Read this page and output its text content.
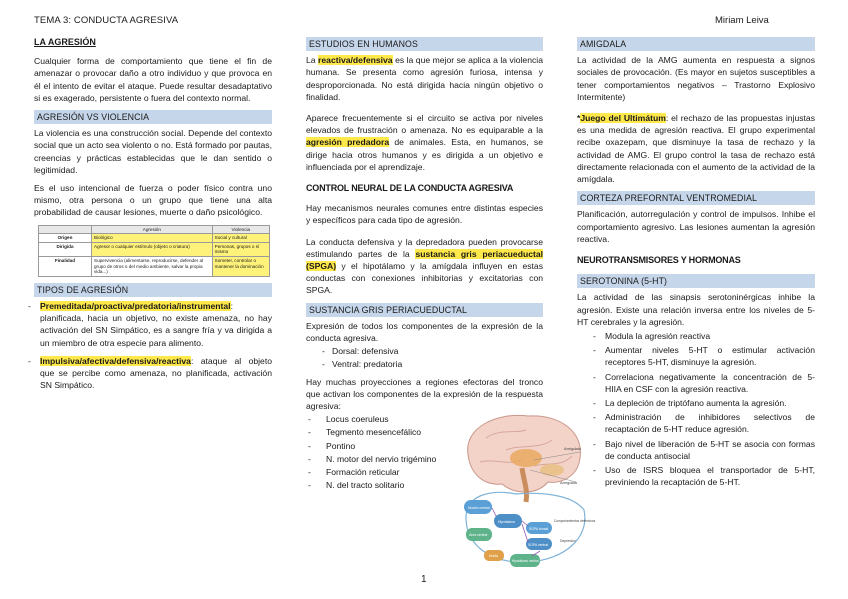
TEMA 3: CONDUCTA AGRESIVA	Miriam Leiva
LA AGRESIÓN

Cualquier forma de comportamiento que tiene el fin de amenazar o provocar daño a otro individuo y que provoca en él el intento de evitar el ataque. Puede resultar desadaptativo si es exagerado, persistente o fuera del contexto normal.

AGRESIÓN VS VIOLENCIA

La violencia es una construcción social. Depende del contexto social que un acto sea violento o no. Está formado por pautas, creencias y prácticas establecidas que le dan sentido o legitimidad.

Es el uso intencional de fuerza o poder físico contra uno mismo, otra persona o un grupo que tiene una alta probabilidad de causar lesiones, muerte o daño psicológico.

	Agresión	Violencia
Origen	Biológico	Social y cultural
Dirigida	Agresor o cualquier estímulo (objeto o criatura)	Personas, grupos o sí mismo
Finalidad	Supervivencia (alimentarse, reproducirse, defender al grupo de otros o del medio ambiente, salvar la propia vida...)	Someter, controlar o mantener la dominación
TIPOS DE AGRESIÓN
- Premeditada/proactiva/predatoria/instrumental: planificada, hacia un objetivo, no existe amenaza, no hay activación del SN Simpático, es a sangre fría y va dirigida a un miembro de otra especie para alimento.
- Impulsiva/afectiva/defensiva/reactiva: ataque al objeto que se percibe como amenaza, no planificada, activación SN Simpático.
ESTUDIOS EN HUMANOS

La reactiva/defensiva es la que mejor se aplica a la violencia humana. Se presenta como agresión furiosa, intensa y desproporcionada. No está dirigida hacia ningún objetivo o finalidad.

Aparece frecuentemente si el circuito se activa por niveles elevados de frustración o amenaza. No es equiparable a la agresión predadora de animales. Esta, en humanos, se dirige hacia otros humanos y es dirigida a un objetivo e influenciada por el aprendizaje.

CONTROL NEURAL DE LA CONDUCTA AGRESIVA

Hay mecanismos neurales comunes entre distintas especies y específicos para cada tipo de agresión.

La conducta defensiva y la depredadora pueden provocarse estimulando partes de la sustancia gris periacueductal (SPGA) y el hipotálamo y la amígdala influyen en estas conductas con conexiones inhibitorias y excitatorias con SPGA.

SUSTANCIA GRIS PERIACUEDUCTAL

Expresión de todos los componentes de la expresión de la conducta agresiva.

- Dorsal: defensiva
- Ventral: predatoria

Hay muchas proyecciones a regiones efectoras del tronco que activan los componentes de la expresión de la respuesta agresiva:

- Locus coeruleus
- Tegmento mesencefálico
- Pontino
- N. motor del nervio trigémino
- Formación reticular
- N. del tracto solitario
Amígdala
Amígdala
Núcleo central
Hipotálamo
Área central
Comportamientos defensivos
SGPA dorsal
SGPA ventral
Depresión
Hipotálamo ventral
Huida
AMIGDALA

La actividad de la AMG aumenta en respuesta a signos sociales de provocación. (Es mayor en sujetos susceptibles a tener comportamientos negativos – Trastorno Explosivo Intermitente)

*Juego del Ultimátum: el rechazo de las propuestas injustas es una medida de agresión reactiva. El grupo experimental recibe oxazepam, que disminuye la tasa de rechazo y la actividad de AMG. El grupo control la tasa de rechazo está directamente relacionada con el aumento de la actividad de la amígdala.

CORTEZA PREFORNTAL VENTROMEDIAL

Planificación, autorregulación y control de impulsos. Inhibe el comportamiento agresivo. Las lesiones aumentan la agresión reactiva.

NEUROTRANSMISORES Y HORMONAS
SEROTONINA (5-HT)

La actividad de las sinapsis serotoninérgicas inhibe la agresión. Existe una relación inversa entre los niveles de 5-HT cerebrales y la agresión.

- Modula la agresión reactiva
- Aumentar niveles 5-HT o estimular activación receptores 5-HT, disminuye la agresión.
- Correlaciona negativamente la concentración de 5-HIIA en CSF con la agresión reactiva.
- La depleción de triptófano aumenta la agresión.
- Administración de inhibidores selectivos de recaptación de 5-HT reduce agresión.
- Bajo nivel de liberación de 5-HT se asocia con formas de conducta antisocial
- Uso de ISRS bloquea el transportador de 5-HT, previniendo la recaptación de 5-HT.
1
